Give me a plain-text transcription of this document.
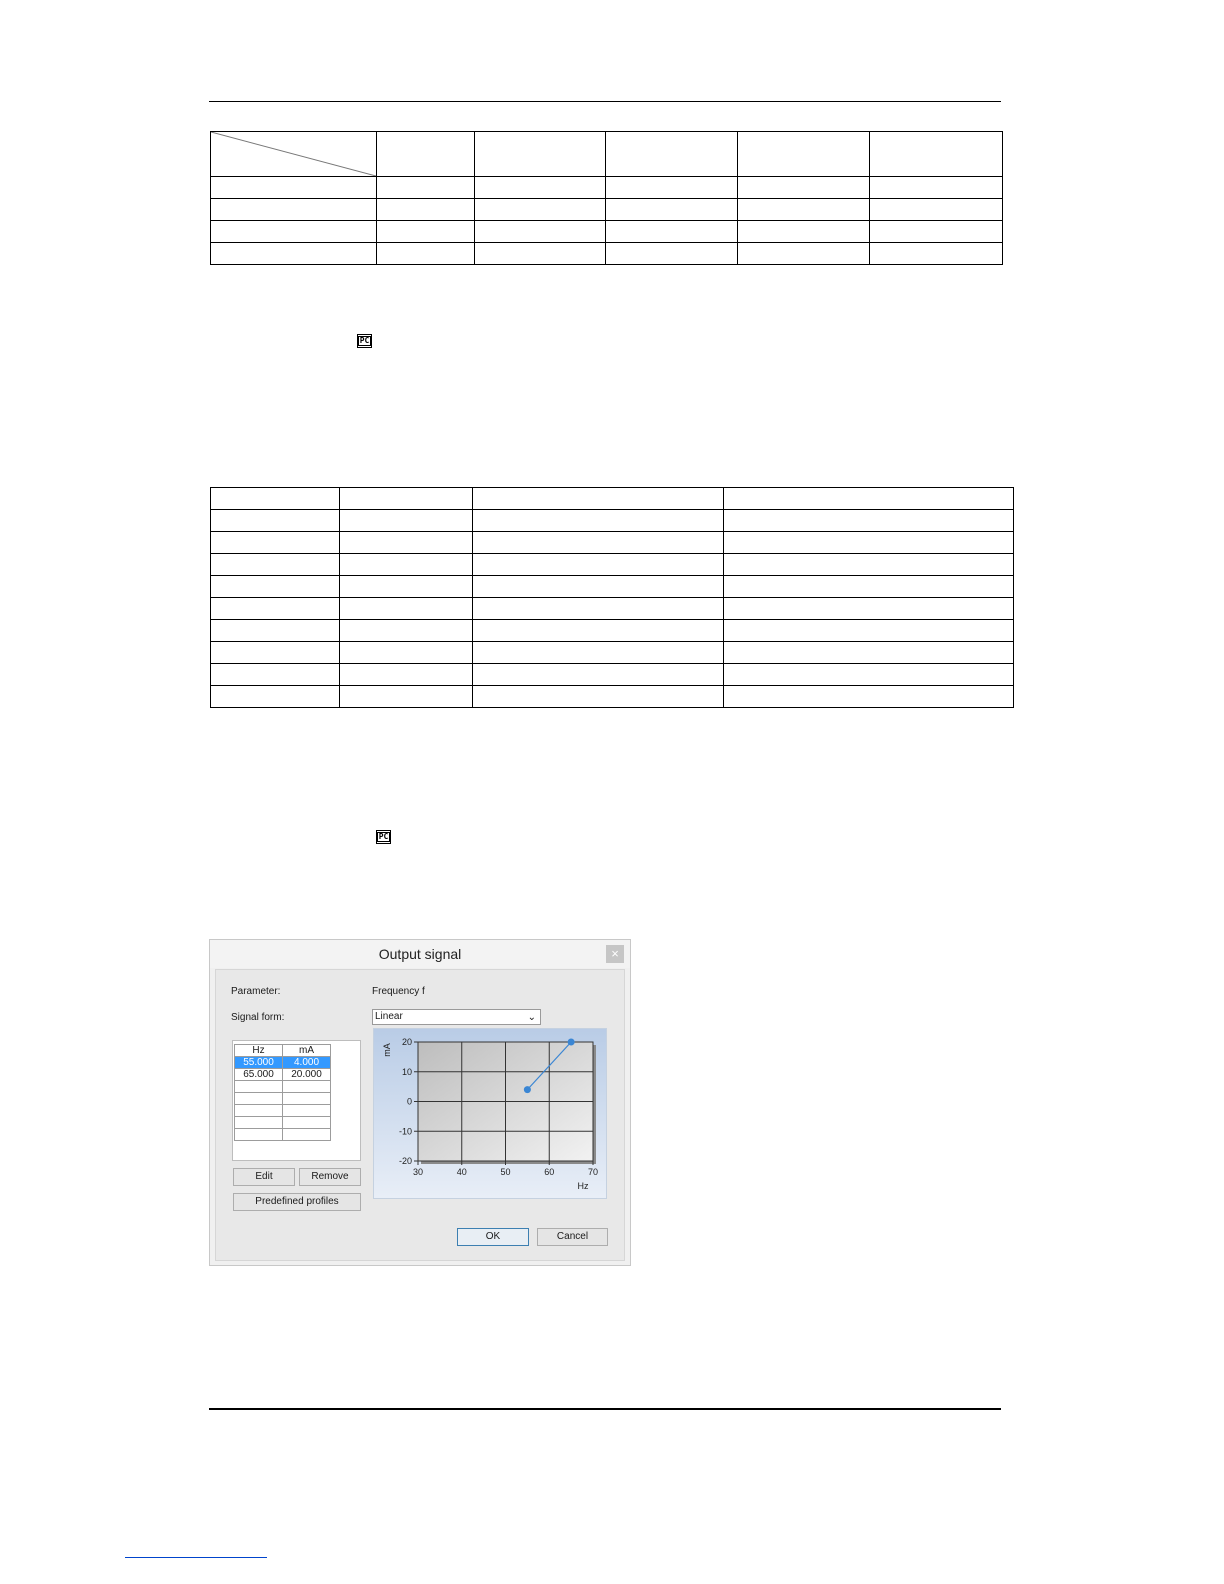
PC

PC
Output signal	×
Parameter:	Frequency f
Signal form:	Linear	⌄
Hz	mA
55.000	4.000
65.000	20.000

Edit	Remove
Predefined profiles
30	40	50	60	70
20
10
0
-10
-20
Hz
mA
OK	Cancel
